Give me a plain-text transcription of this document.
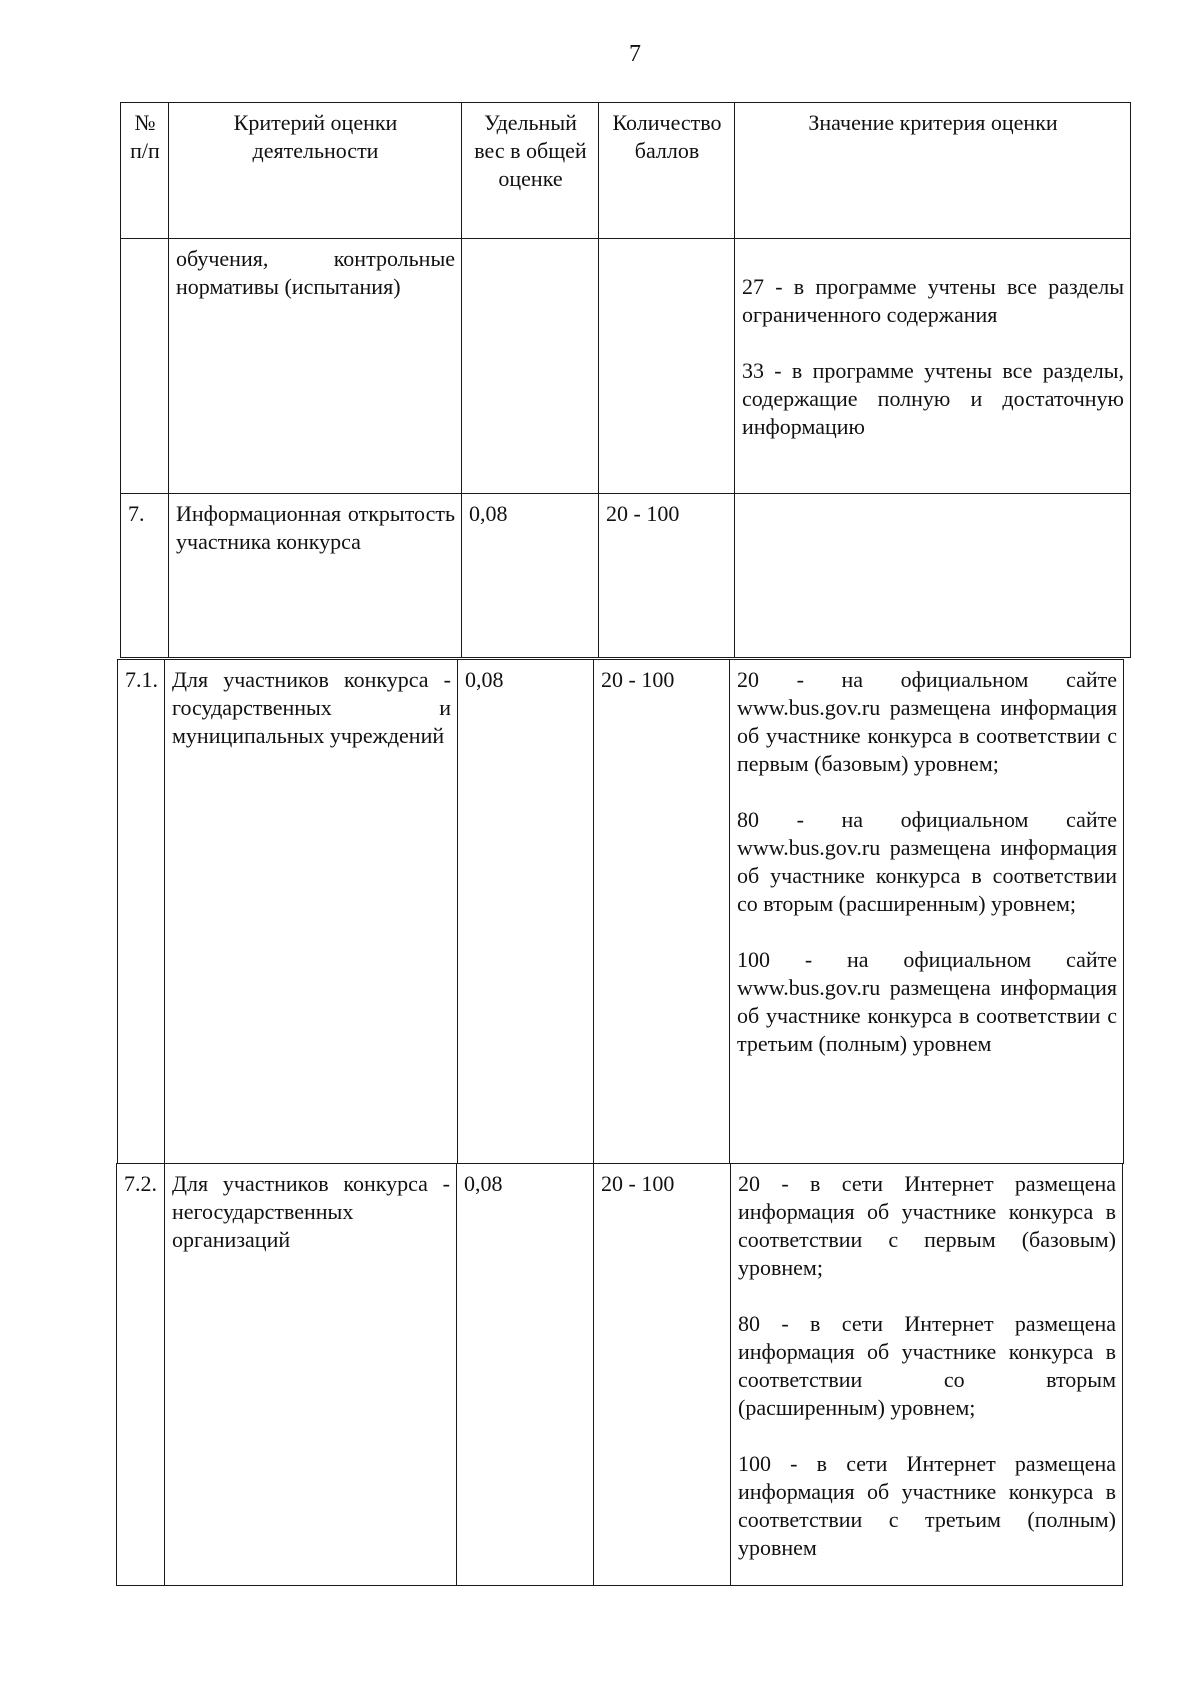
7
№ п/п	Критерий оценки деятельности	Удельный вес в общей оценке	Количество баллов	Значение критерия оценки
	обучения, контрольные нормативы (испытания)			27 - в программе учтены все разделы ограниченного содержания

33 - в программе учтены все разделы, содержащие полную и достаточную информацию

7.	Информационная открытость участника конкурса	0,08	20 - 100	
7.1.	Для участников конкурса - государственных и муниципальных учреждений	0,08	20 - 100	20 - на официальном сайте www.bus.gov.ru размещена информация об участнике конкурса в соответствии с первым (базовым) уровнем;

80 - на официальном сайте www.bus.gov.ru размещена информация об участнике конкурса в соответствии со вторым (расширенным) уровнем;

100 - на официальном сайте www.bus.gov.ru размещена информация об участнике конкурса в соответствии с третьим (полным) уровнем

7.2.	Для участников конкурса - негосударственных организаций	0,08	20 - 100	20 - в сети Интернет размещена информация об участнике конкурса в соответствии с первым (базовым) уровнем;

80 - в сети Интернет размещена информация об участнике конкурса в соответствии со вторым (расширенным) уровнем;

100 - в сети Интернет размещена информация об участнике конкурса в соответствии с третьим (полным) уровнем
